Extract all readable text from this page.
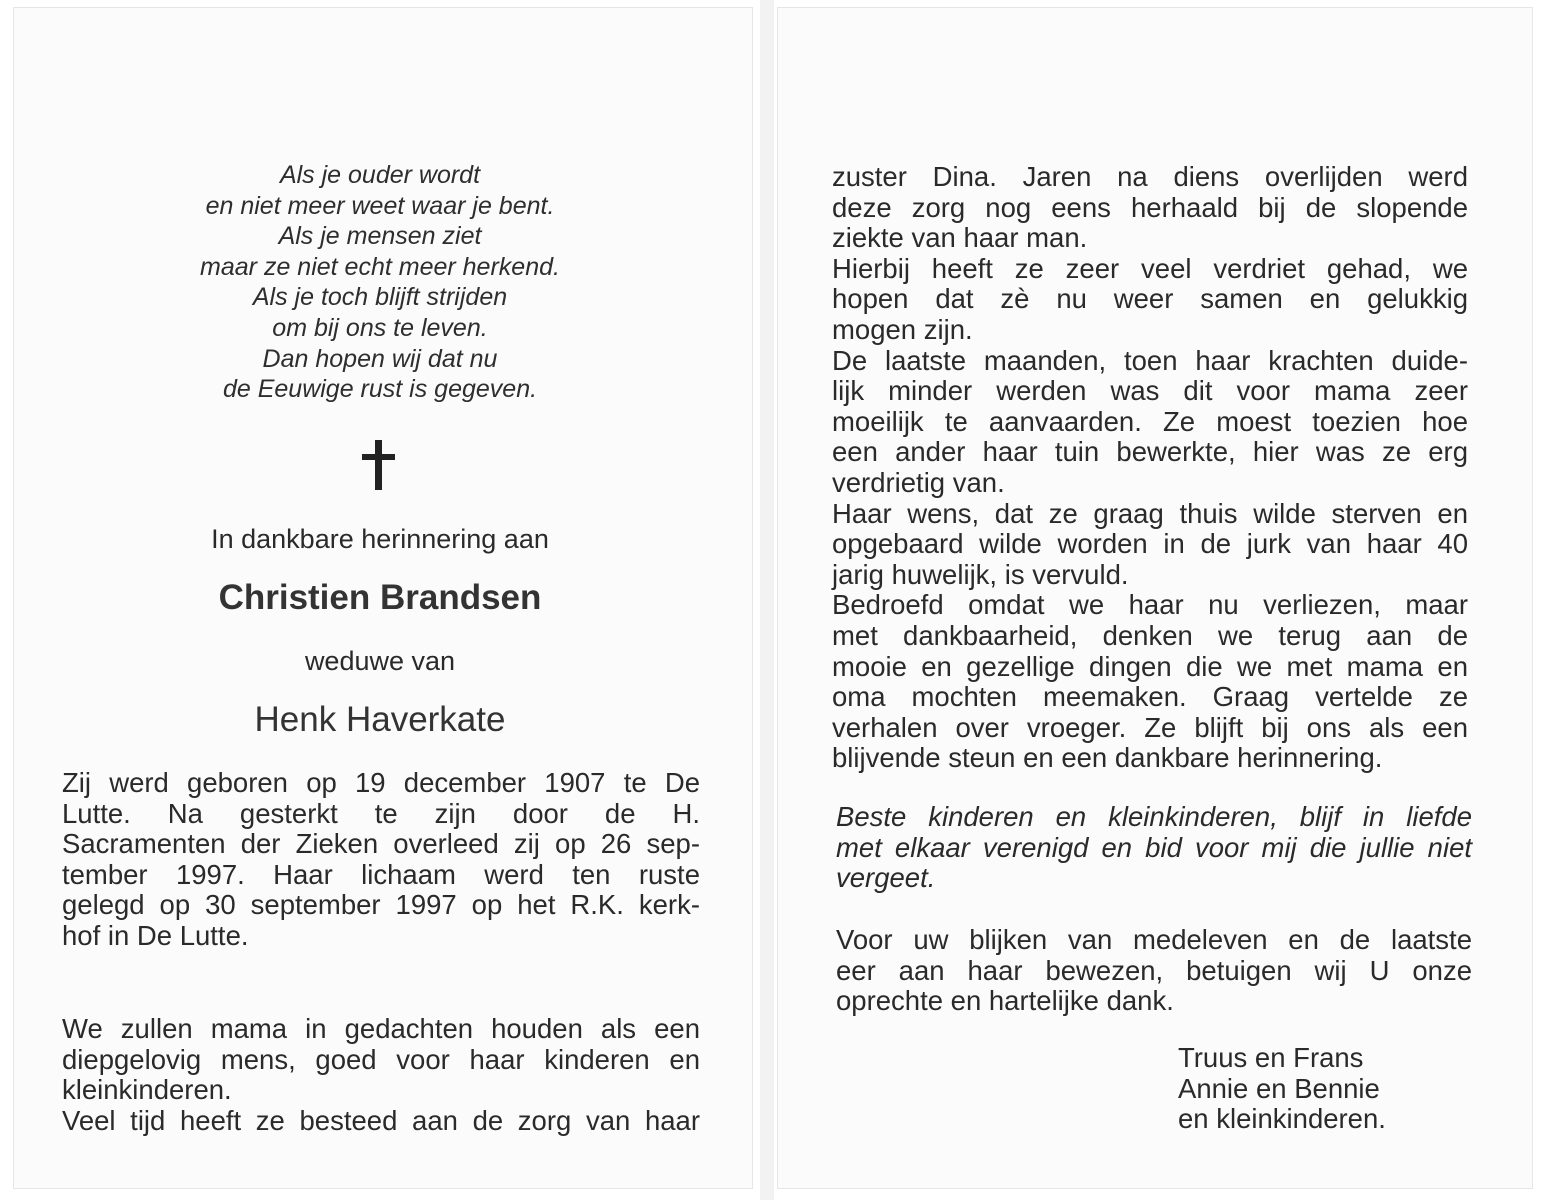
Als je ouder wordt
en niet meer weet waar je bent.
Als je mensen ziet
maar ze niet echt meer herkend.
Als je toch blijft strijden
om bij ons te leven.
Dan hopen wij dat nu
de Eeuwige rust is gegeven.
In dankbare herinnering aan
Christien Brandsen
weduwe van
Henk Haverkate
Zij werd geboren op 19 december 1907 te De
Lutte. Na gesterkt te zijn door de H.
Sacramenten der Zieken overleed zij op 26 sep-
tember 1997. Haar lichaam werd ten ruste
gelegd op 30 september 1997 op het R.K. kerk-
hof in De Lutte.
We zullen mama in gedachten houden als een
diepgelovig mens, goed voor haar kinderen en
kleinkinderen.
Veel tijd heeft ze besteed aan de zorg van haar
zuster Dina. Jaren na diens overlijden werd
deze zorg nog eens herhaald bij de slopende
ziekte van haar man.
Hierbij heeft ze zeer veel verdriet gehad, we
hopen dat zè nu weer samen en gelukkig
mogen zijn.
De laatste maanden, toen haar krachten duide-
lijk minder werden was dit voor mama zeer
moeilijk te aanvaarden. Ze moest toezien hoe
een ander haar tuin bewerkte, hier was ze erg
verdrietig van.
Haar wens, dat ze graag thuis wilde sterven en
opgebaard wilde worden in de jurk van haar 40
jarig huwelijk, is vervuld.
Bedroefd omdat we haar nu verliezen, maar
met dankbaarheid, denken we terug aan de
mooie en gezellige dingen die we met mama en
oma mochten meemaken. Graag vertelde ze
verhalen over vroeger. Ze blijft bij ons als een
blijvende steun en een dankbare herinnering.
Beste kinderen en kleinkinderen, blijf in liefde
met elkaar verenigd en bid voor mij die jullie niet
vergeet.
Voor uw blijken van medeleven en de laatste
eer aan haar bewezen, betuigen wij U onze
oprechte en hartelijke dank.
Truus en Frans
Annie en Bennie
en kleinkinderen.
